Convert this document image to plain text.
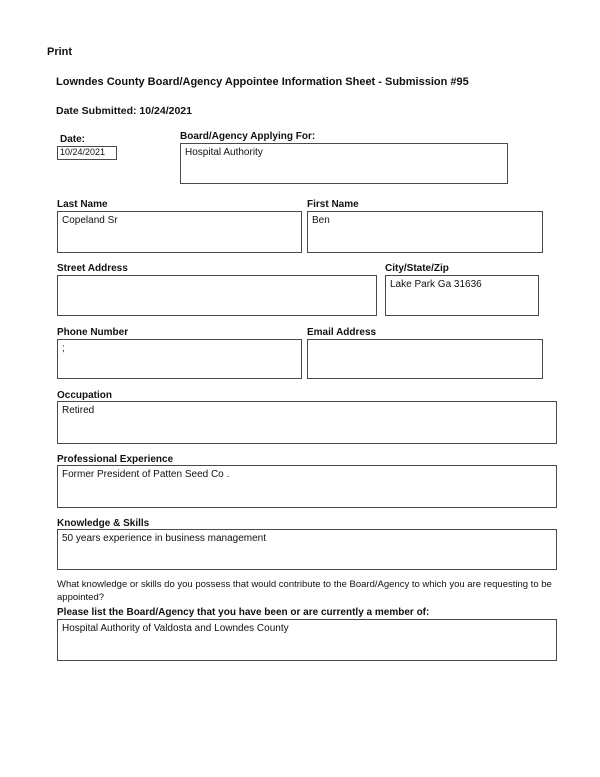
Print
Lowndes County Board/Agency Appointee Information Sheet - Submission #95
Date Submitted: 10/24/2021
Date:
10/24/2021
Board/Agency Applying For:
Hospital Authority
Last Name
Copeland Sr
First Name
Ben
Street Address	City/State/Zip
Lake Park Ga 31636
Phone Number
;
Email Address
Occupation
Retired
Professional Experience
Former President of Patten Seed Co .
Knowledge & Skills
50 years experience in business management
What knowledge or skills do you possess that would contribute to the Board/Agency to which you are requesting to be appointed?
Please list the Board/Agency that you have been or are currently a member of:
Hospital Authority of Valdosta and Lowndes County
